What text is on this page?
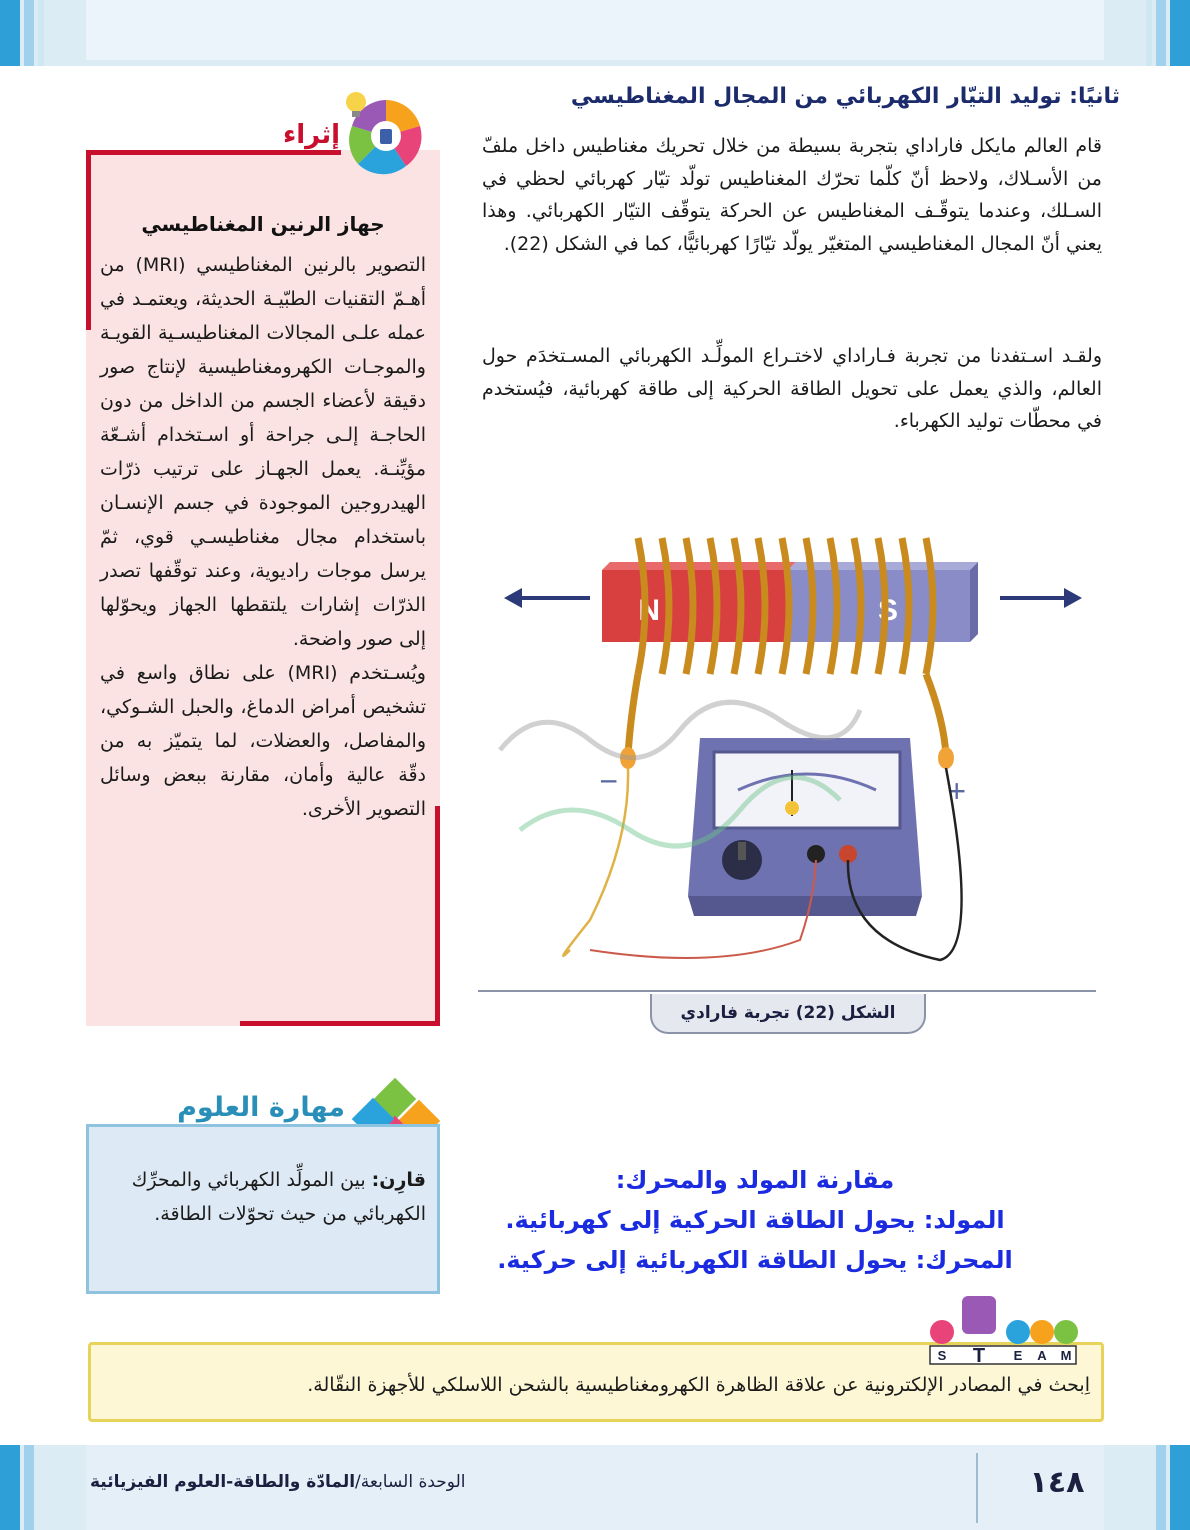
ثانيًا: توليد التيّار الكهربائي من المجال المغناطيسي
قام العالم مايكل فاراداي بتجربة بسيطة من خلال تحريك مغناطيس داخل ملفّ من الأسـلاك، ولاحظ أنّ كلّما تحرّك المغناطيس تولّد تيّار كهربائي لحظي في السـلك، وعندما يتوقّـف المغناطيس عن الحركة يتوقّف التيّار الكهربائي. وهذا يعني أنّ المجال المغناطيسي المتغيّر يولّد تيّارًا كهربائيًّا، كما في الشكل (22).
ولقـد اسـتفدنا من تجربة فـاراداي لاختـراع المولِّـد الكهربائي المسـتخدَم حول العالم، والذي يعمل على تحويل الطاقة الحركية إلى طاقة كهربائية، فيُستخدم في محطّات توليد الكهرباء.
إثراء
جهاز الرنين المغناطيسي
التصوير بالرنين المغناطيسي (MRI) من أهـمّ التقنيات الطبّيـة الحديثة، ويعتمـد في عمله علـى المجالات المغناطيسـية القويـة والموجـات الكهرومغناطيسية لإنتاج صور دقيقة لأعضاء الجسم من الداخل من دون الحاجـة إلـى جراحة أو اسـتخدام أشـعّة مؤيِّنـة. يعمل الجهـاز على ترتيب ذرّات الهيدروجين الموجودة في جسم الإنسـان باستخدام مجال مغناطيسـي قوي، ثمّ يرسل موجات راديوية، وعند توقّفها تصدر الذرّات إشارات يلتقطها الجهاز ويحوّلها إلى صور واضحة.
ويُسـتخدم (MRI) على نطاق واسع في تشخيص أمراض الدماغ، والحبل الشـوكي، والمفاصل، والعضلات، لما يتميّز به من دقّة عالية وأمان، مقارنة ببعض وسائل التصوير الأخرى.
N	S
−	+
الشكل (22) تجربة فارادي
مهارة العلوم
قارِن: بين المولِّد الكهربائي والمحرِّك الكهربائي من حيث تحوّلات الطاقة.
مقارنة المولد والمحرك:
المولد: يحول الطاقة الحركية إلى كهربائية.
المحرك: يحول الطاقة الكهربائية إلى حركية.
S T E A M
اِبحث في المصادر الإلكترونية عن علاقة الظاهرة الكهرومغناطيسية بالشحن اللاسلكي للأجهزة النقّالة.
الوحدة السابعة/المادّة والطاقة-العلوم الفيزيائية	١٤٨
